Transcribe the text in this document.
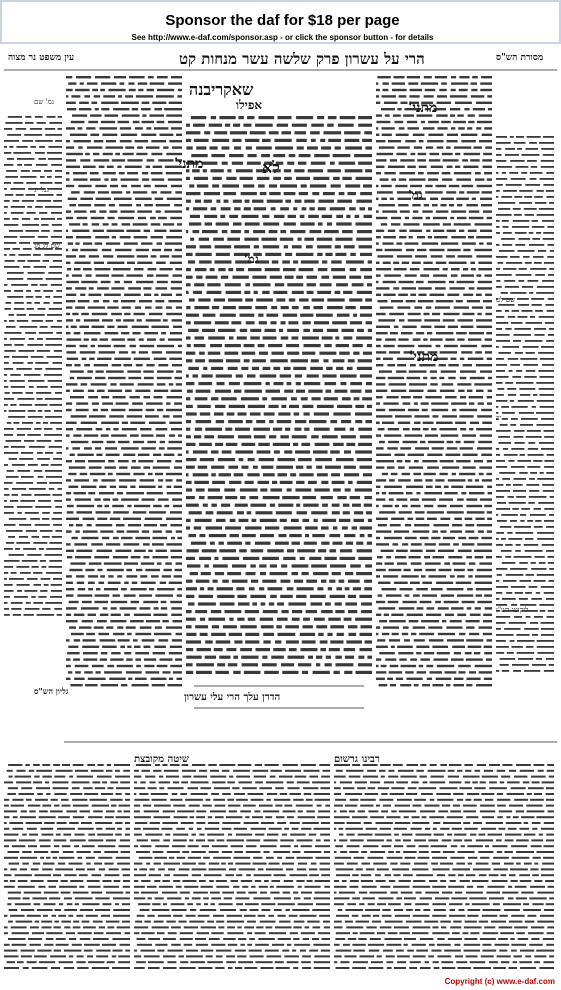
Sponsor the daf for $18 per page
See http://www.e-daf.com/sponsor.asp - or click the sponsor button - for details
הרי על עשרון פרק שלשה עשר מנחות קט
עין משפט נר מצוה	מסורת הש"ס
שאקריבנה
אפילו	מתני'
מתני'	לא
גמ'
גמ'
מתני'
הדרן עלך הרי עלי עשרון
רבינו גרשום
שיטה מקובצת
גליון הש"ס
גמ' שם
גמ' יג
שם לג מג
שם לט
יב
ליקוטי רש"י
Copyright (c) www.e-daf.com
